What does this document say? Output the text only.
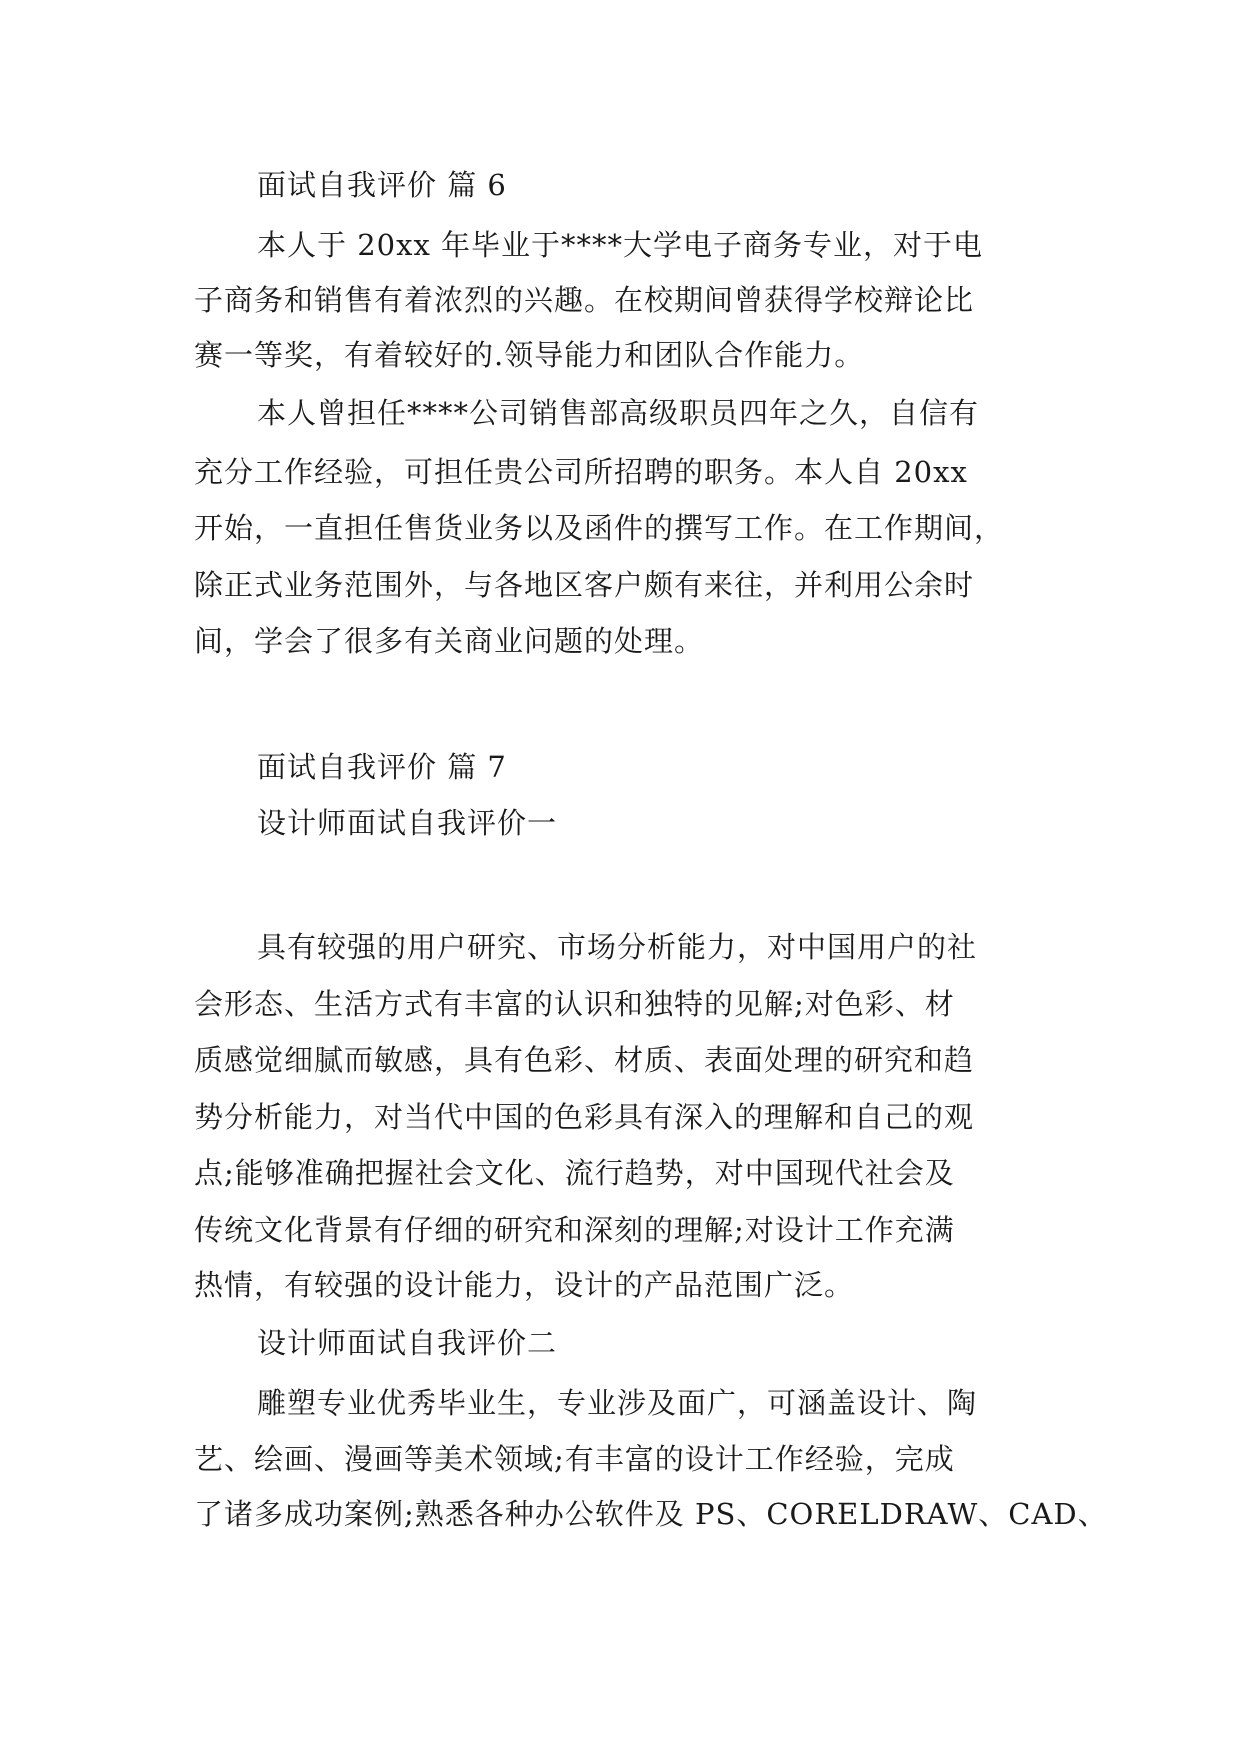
面试自我评价 篇 6
本人于 20xx 年毕业于****大学电子商务专业，对于电
子商务和销售有着浓烈的兴趣。在校期间曾获得学校辩论比
赛一等奖，有着较好的.领导能力和团队合作能力。
本人曾担任****公司销售部高级职员四年之久，自信有
充分工作经验，可担任贵公司所招聘的职务。本人自 20xx
开始，一直担任售货业务以及函件的撰写工作。在工作期间，
除正式业务范围外，与各地区客户颇有来往，并利用公余时
间，学会了很多有关商业问题的处理。
面试自我评价 篇 7
设计师面试自我评价一
具有较强的用户研究、市场分析能力，对中国用户的社
会形态、生活方式有丰富的认识和独特的见解;对色彩、材
质感觉细腻而敏感，具有色彩、材质、表面处理的研究和趋
势分析能力，对当代中国的色彩具有深入的理解和自己的观
点;能够准确把握社会文化、流行趋势，对中国现代社会及
传统文化背景有仔细的研究和深刻的理解;对设计工作充满
热情，有较强的设计能力，设计的产品范围广泛。
设计师面试自我评价二
雕塑专业优秀毕业生，专业涉及面广，可涵盖设计、陶
艺、绘画、漫画等美术领域;有丰富的设计工作经验，完成
了诸多成功案例;熟悉各种办公软件及 PS、CORELDRAW、CAD、
